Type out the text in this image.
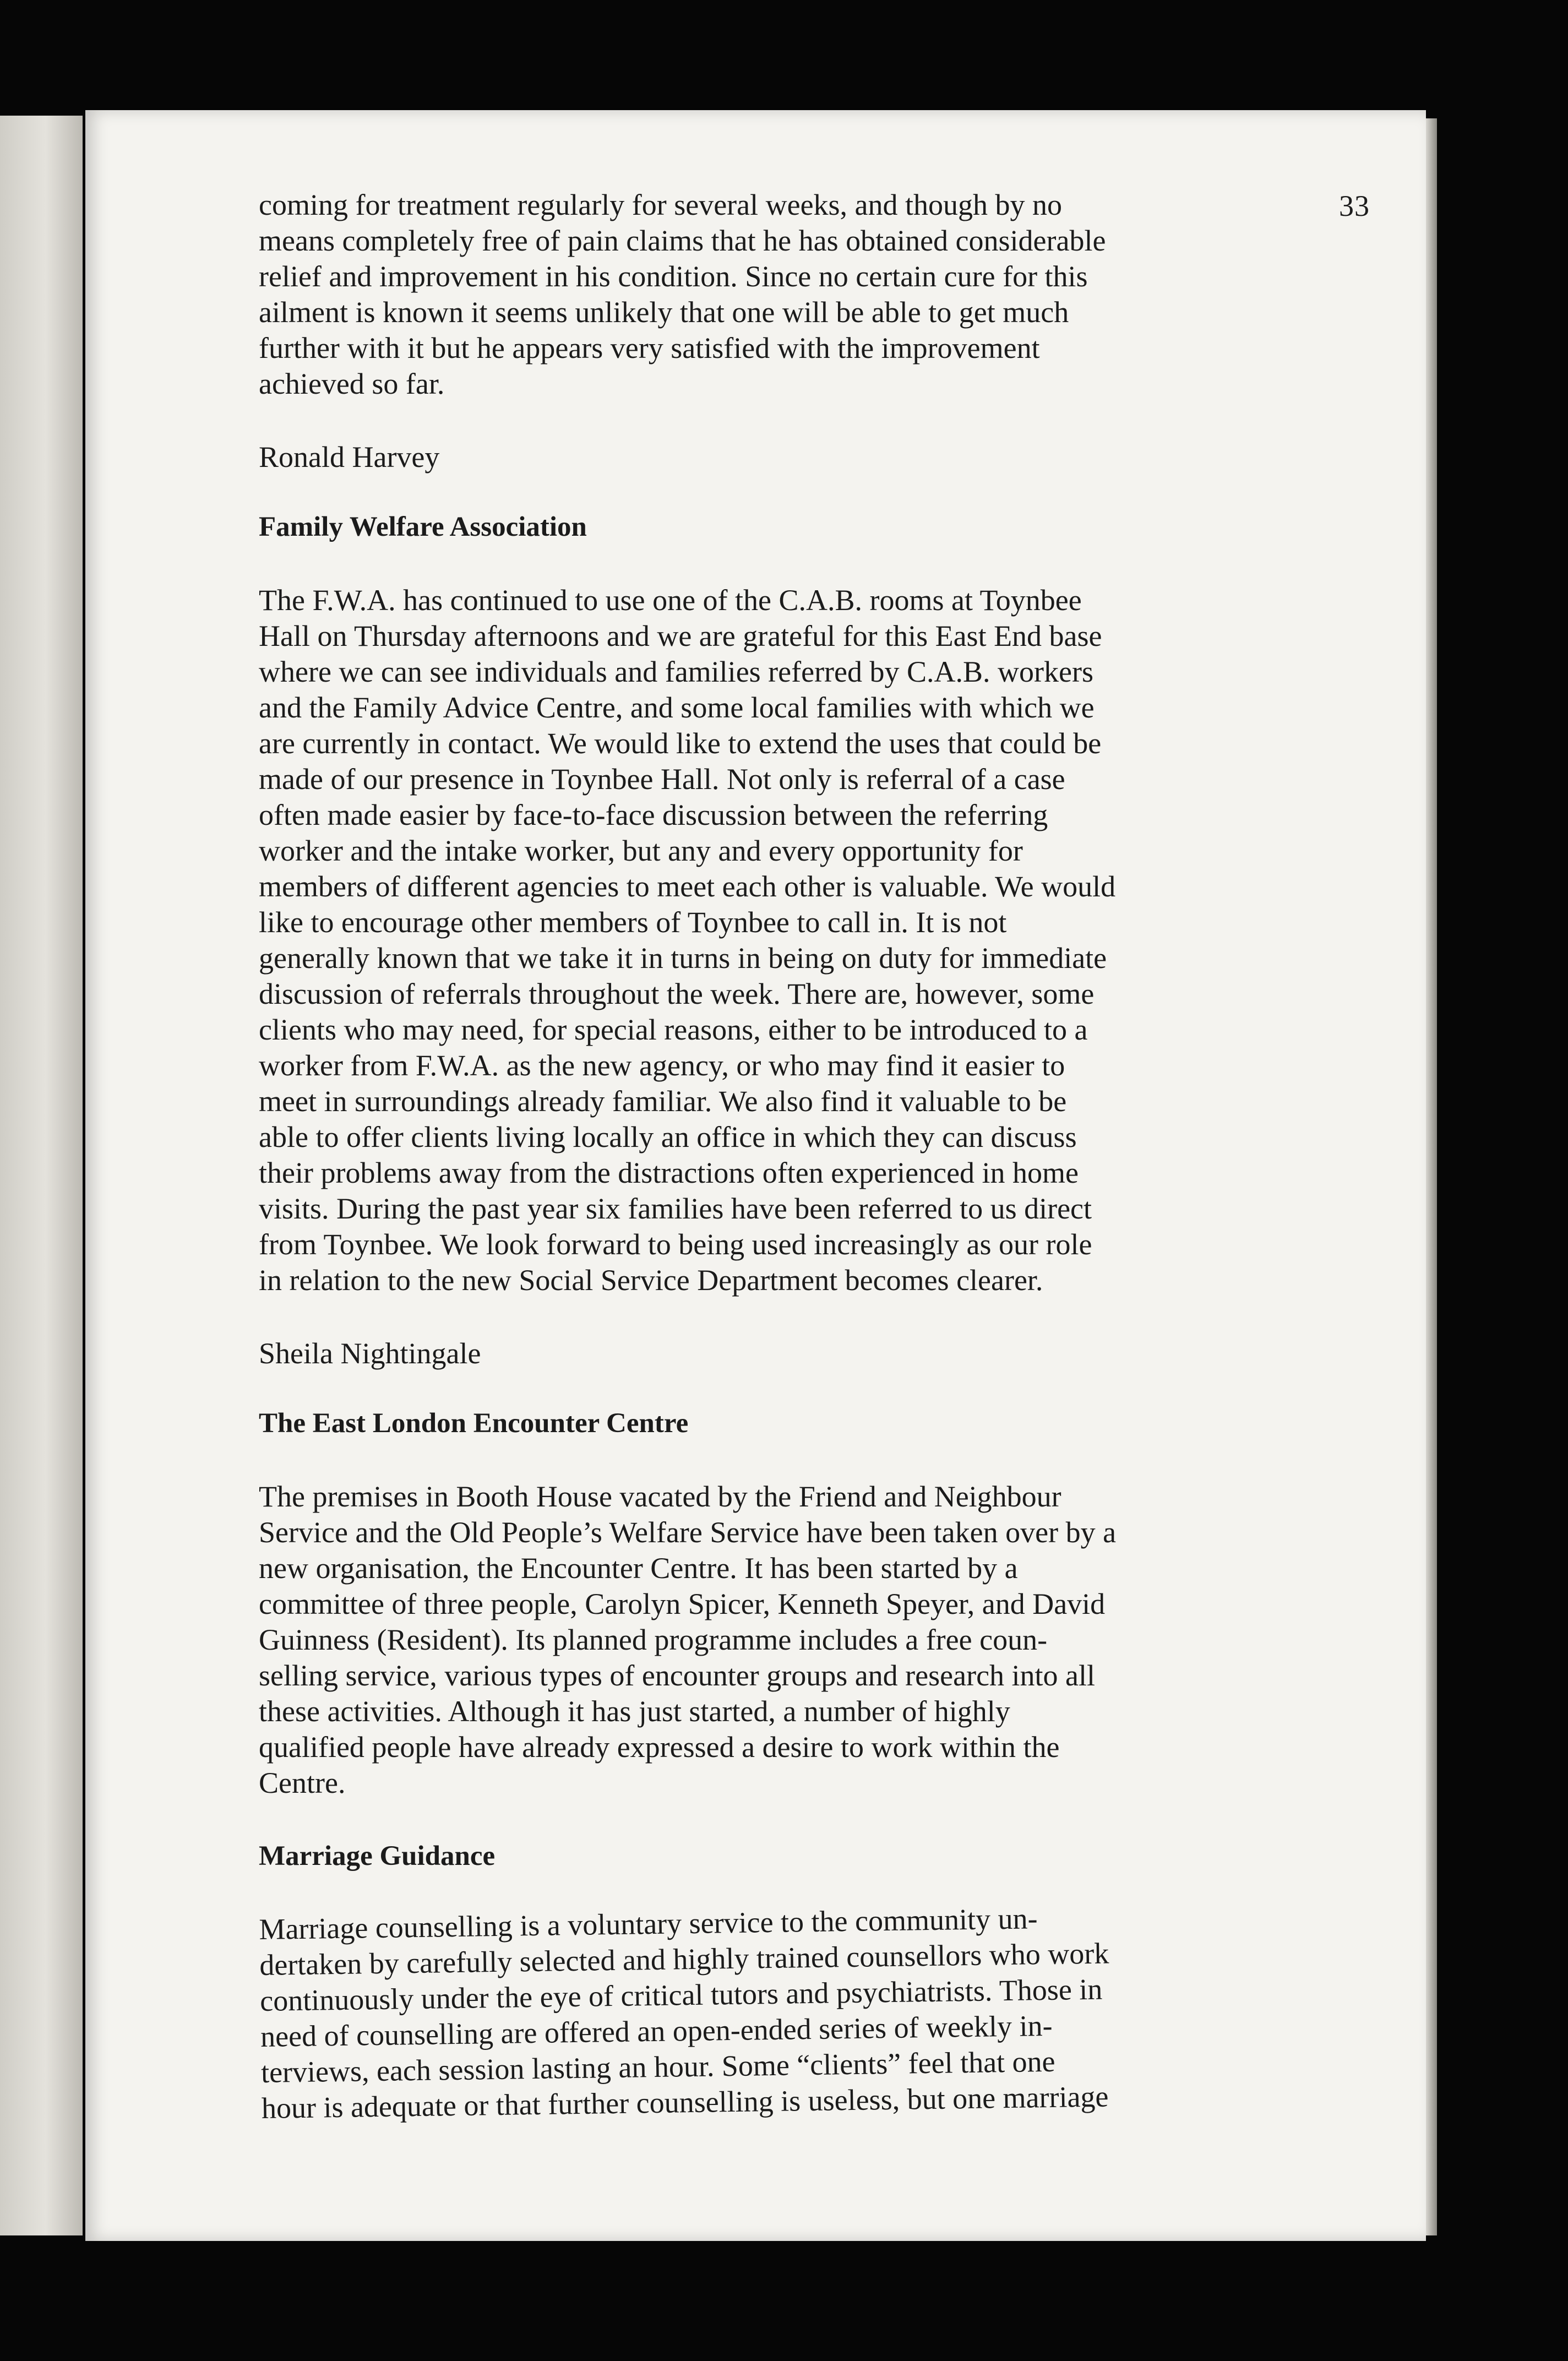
33

coming for treatment regularly for several weeks, and though by no
means completely free of pain claims that he has obtained considerable
relief and improvement in his condition. Since no certain cure for this
ailment is known it seems unlikely that one will be able to get much
further with it but he appears very satisfied with the improvement
achieved so far.

Ronald Harvey

Family Welfare Association

The F.W.A. has continued to use one of the C.A.B. rooms at Toynbee
Hall on Thursday afternoons and we are grateful for this East End base
where we can see individuals and families referred by C.A.B. workers
and the Family Advice Centre, and some local families with which we
are currently in contact. We would like to extend the uses that could be
made of our presence in Toynbee Hall. Not only is referral of a case
often made easier by face-to-face discussion between the referring
worker and the intake worker, but any and every opportunity for
members of different agencies to meet each other is valuable. We would
like to encourage other members of Toynbee to call in. It is not
generally known that we take it in turns in being on duty for immediate
discussion of referrals throughout the week. There are, however, some
clients who may need, for special reasons, either to be introduced to a
worker from F.W.A. as the new agency, or who may find it easier to
meet in surroundings already familiar. We also find it valuable to be
able to offer clients living locally an office in which they can discuss
their problems away from the distractions often experienced in home
visits. During the past year six families have been referred to us direct
from Toynbee. We look forward to being used increasingly as our role
in relation to the new Social Service Department becomes clearer.

Sheila Nightingale

The East London Encounter Centre

The premises in Booth House vacated by the Friend and Neighbour
Service and the Old People’s Welfare Service have been taken over by a
new organisation, the Encounter Centre. It has been started by a
committee of three people, Carolyn Spicer, Kenneth Speyer, and David
Guinness (Resident). Its planned programme includes a free coun-
selling service, various types of encounter groups and research into all
these activities. Although it has just started, a number of highly
qualified people have already expressed a desire to work within the
Centre.

Marriage Guidance

Marriage counselling is a voluntary service to the community un-
dertaken by carefully selected and highly trained counsellors who work
continuously under the eye of critical tutors and psychiatrists. Those in
need of counselling are offered an open-ended series of weekly in-
terviews, each session lasting an hour. Some “clients” feel that one
hour is adequate or that further counselling is useless, but one marriage
